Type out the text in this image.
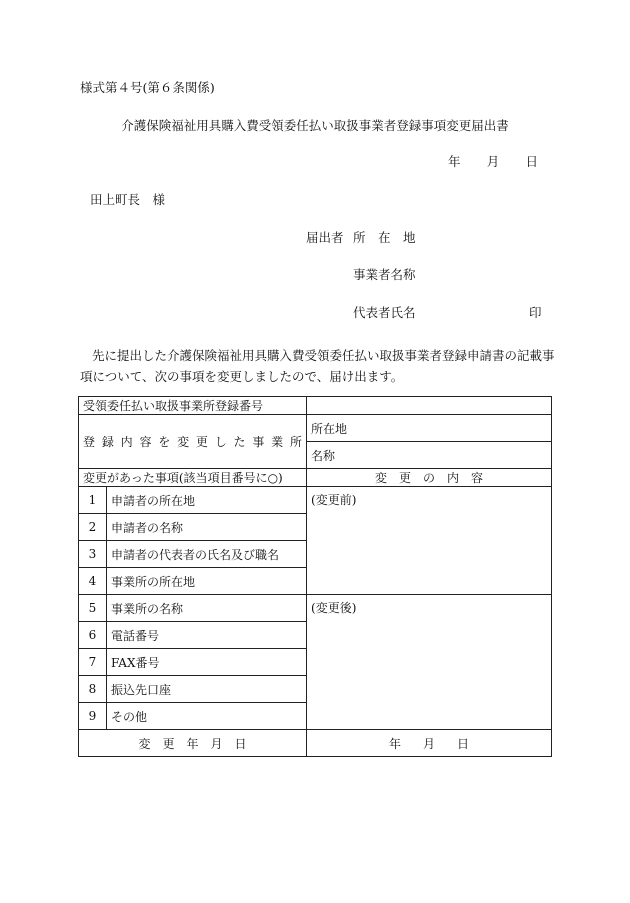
様式第４号(第６条関係)
介護保険福祉用具購入費受領委任払い取扱事業者登録事項変更届出書
年 月 日
田上町長　様
届出者 所　在　地
事業者名称
代表者氏名	印
先に提出した介護保険福祉用具購入費受領委任払い取扱事業者登録申請書の記載事項について、次の事項を変更しましたので、届け出ます。
受領委任払い取扱事業所登録番号		
登録内容を変更した事業所		所在地
		名称
変更があった事項(該当項目番号に○)		変　更　の　内　容
1	申請者の所在地	(変更前)
2	申請者の名称	
3	申請者の代表者の氏名及び職名	
4	事業所の所在地	
5	事業所の名称	(変更後)
6	電話番号	
7	FAX番号	
8	振込先口座	
9	その他	
変　更　年　月　日		年 月 日
